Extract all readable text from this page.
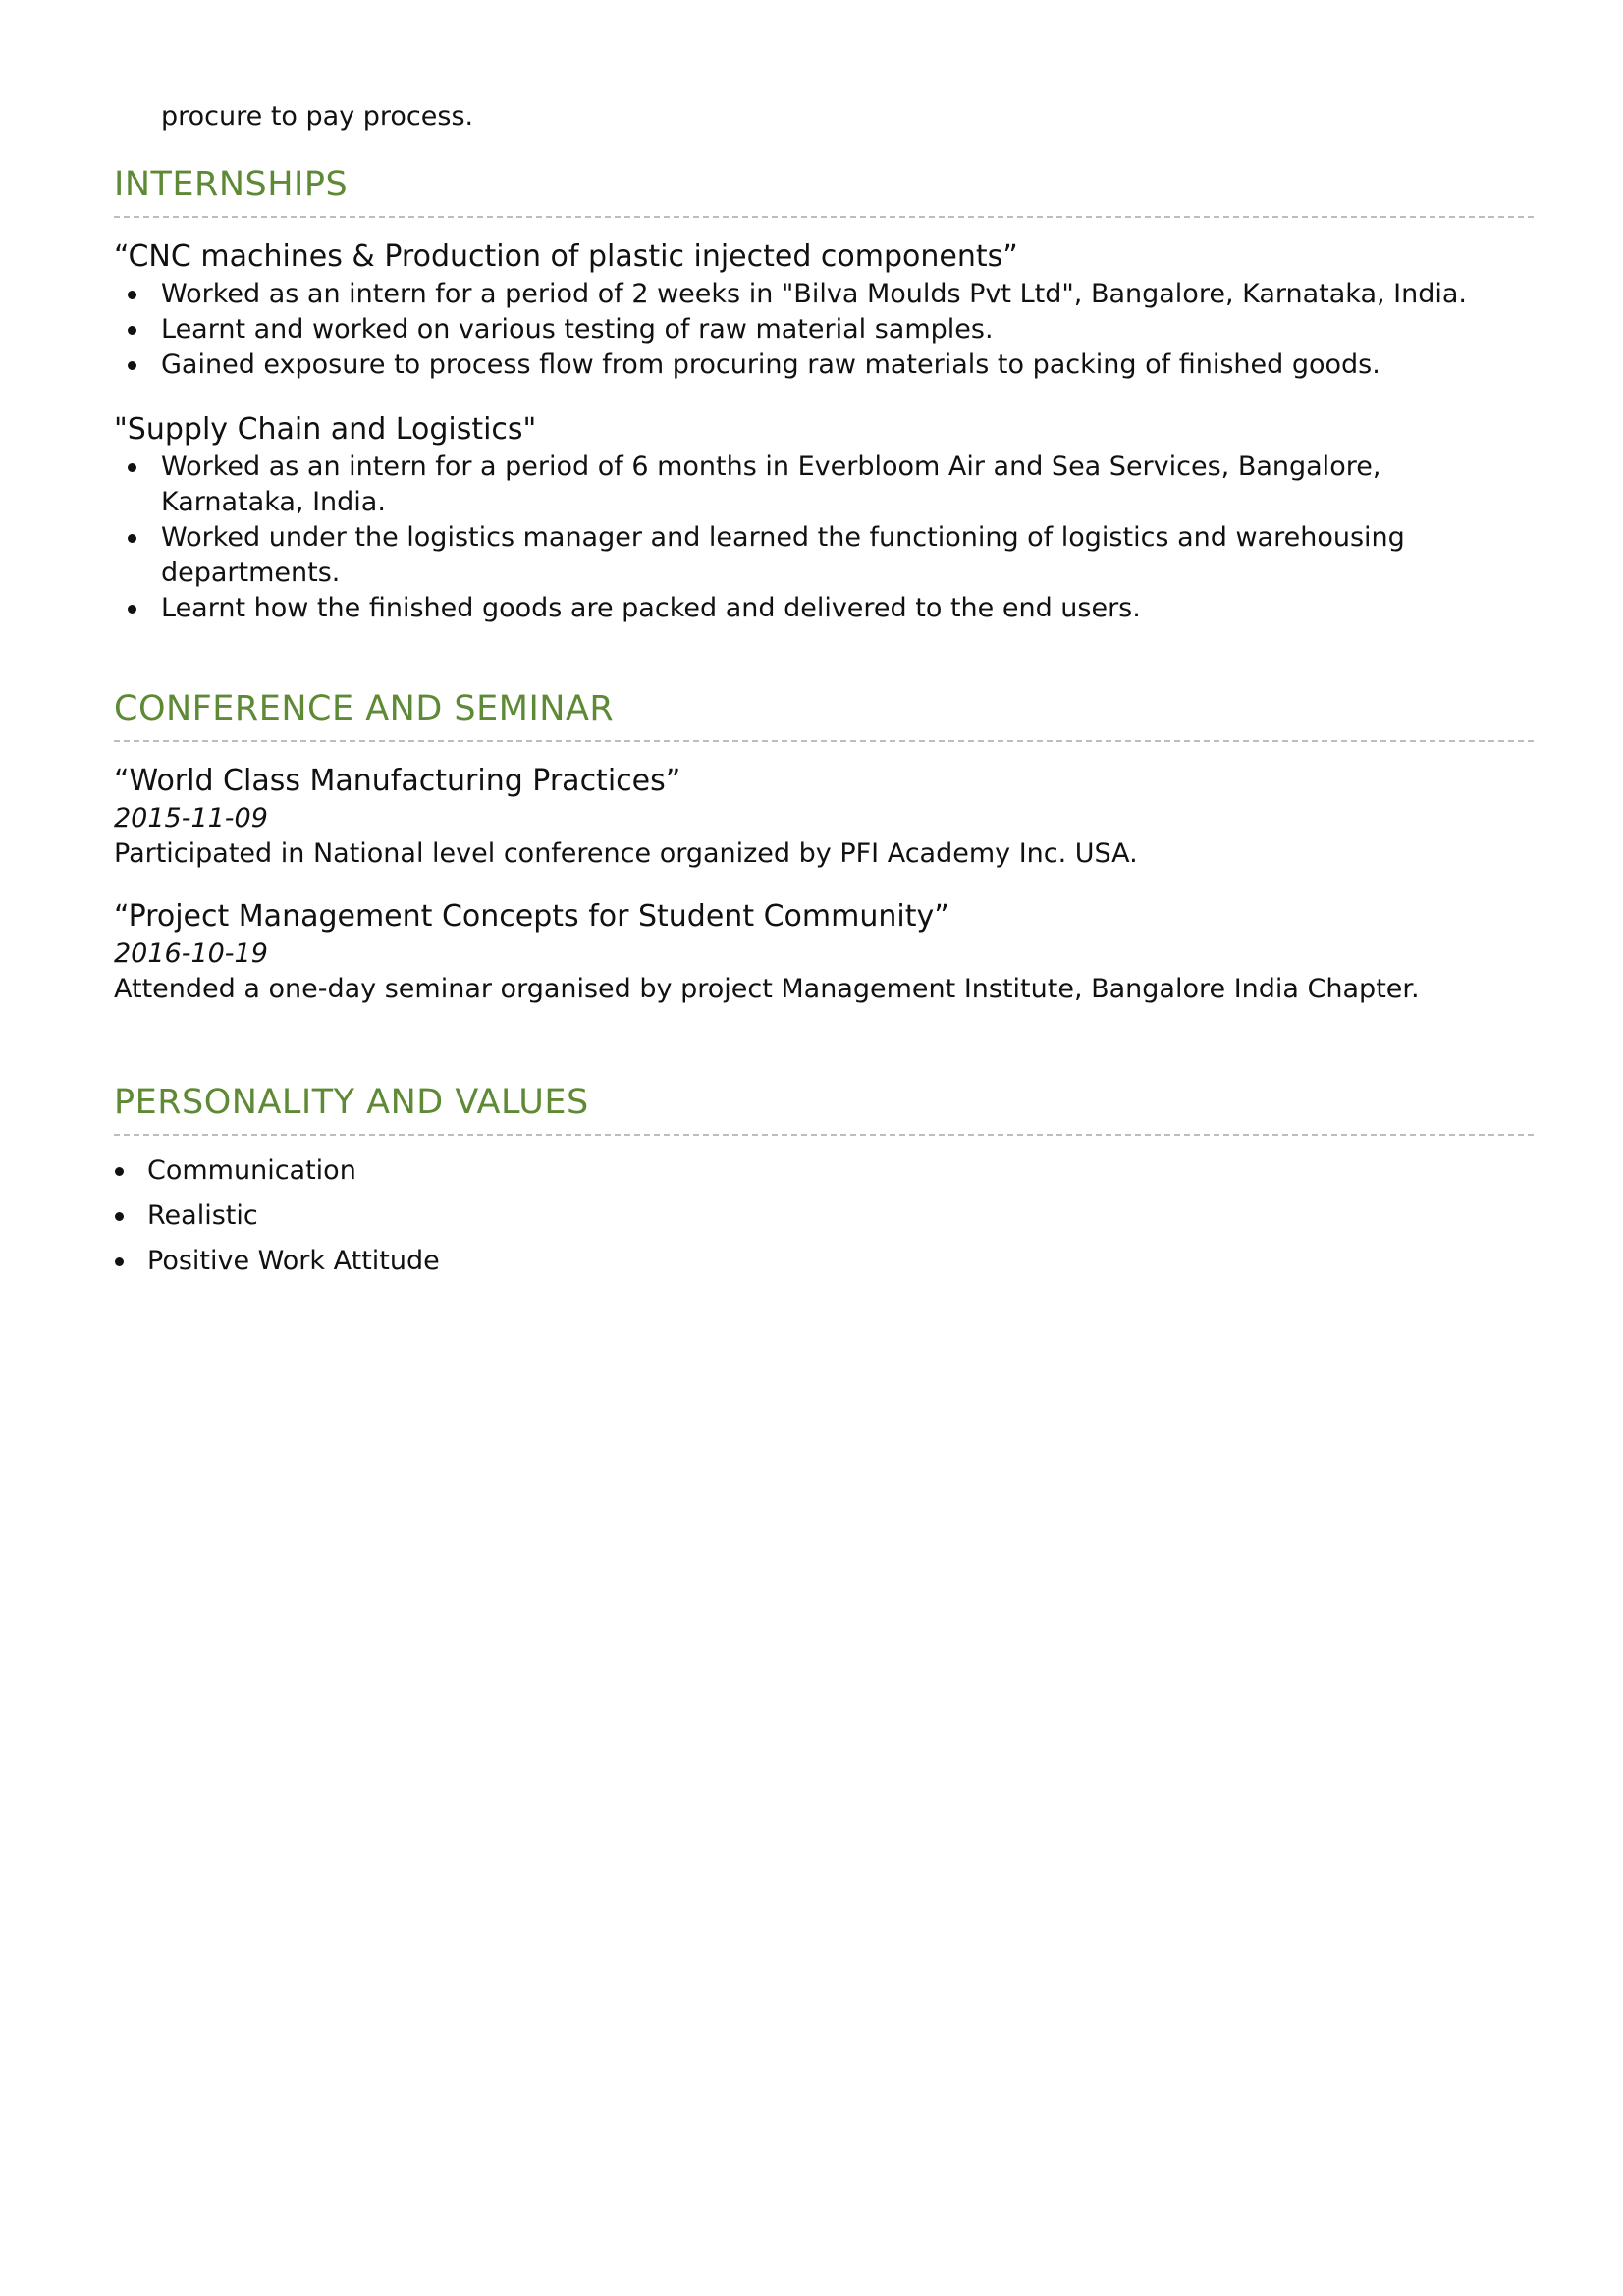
procure to pay process.

INTERNSHIPS
“CNC machines & Production of plastic injected components”
Worked as an intern for a period of 2 weeks in "Bilva Moulds Pvt Ltd", Bangalore, Karnataka, India.
Learnt and worked on various testing of raw material samples.
Gained exposure to process flow from procuring raw materials to packing of finished goods.
"Supply Chain and Logistics"
Worked as an intern for a period of 6 months in Everbloom Air and Sea Services, Bangalore, Karnataka, India.
Worked under the logistics manager and learned the functioning of logistics and warehousing departments.
Learnt how the finished goods are packed and delivered to the end users.
CONFERENCE AND SEMINAR
“World Class Manufacturing Practices”

2015-11-09

Participated in National level conference organized by PFI Academy Inc. USA.

“Project Management Concepts for Student Community”

2016-10-19

Attended a one-day seminar organised by project Management Institute, Bangalore India Chapter.

PERSONALITY AND VALUES
Communication
Realistic
Positive Work Attitude
